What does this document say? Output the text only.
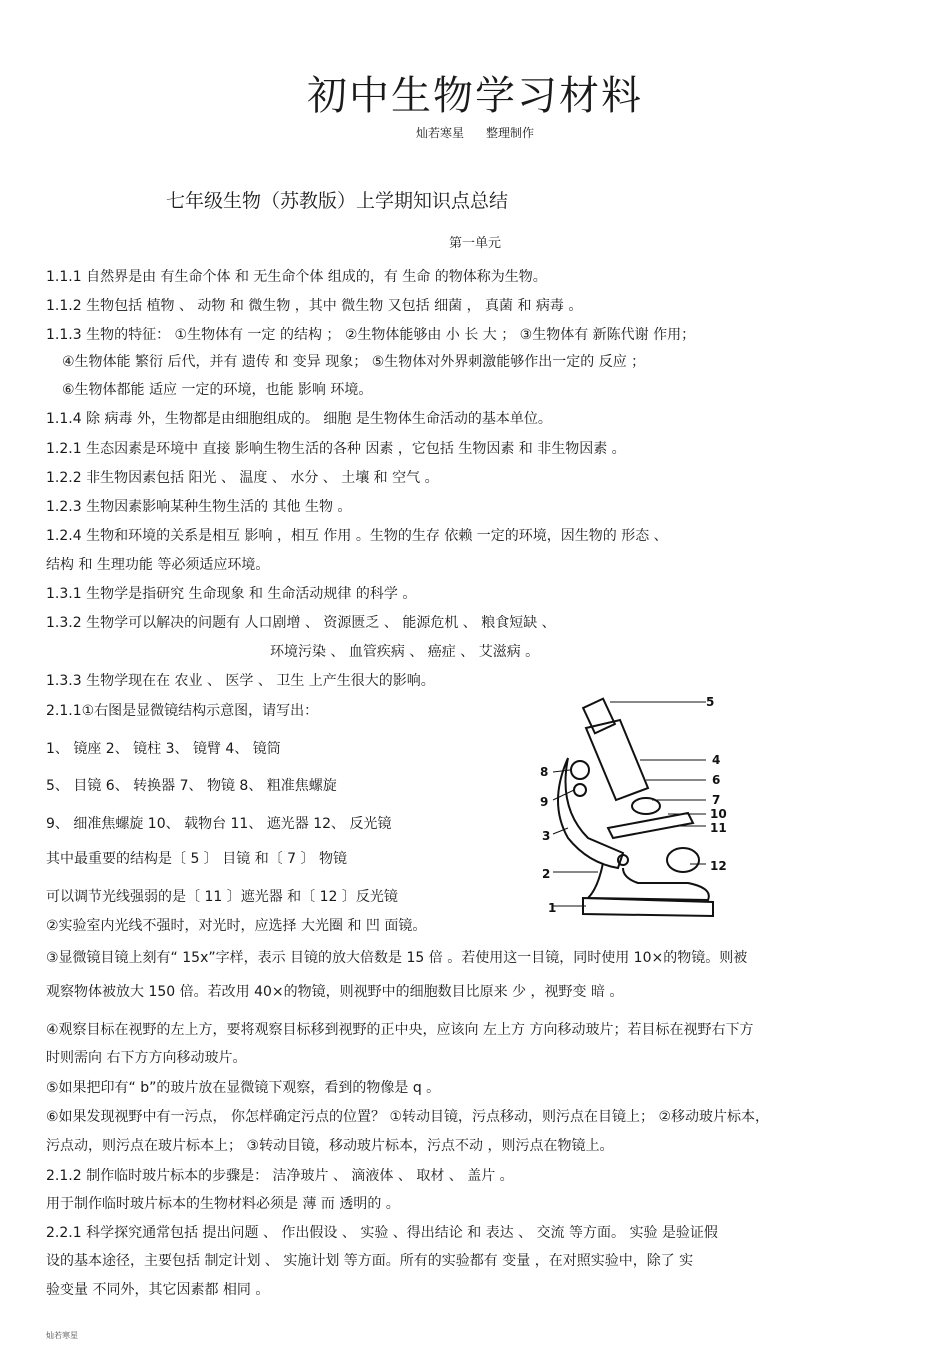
初中生物学习材料
灿若寒星 整理制作
七年级生物（苏教版）上学期知识点总结
第一单元
1.1.1 自然界是由 有生命个体 和 无生命个体 组成的，有 生命 的物体称为生物。
1.1.2 生物包括 植物 、 动物 和 微生物 ，其中 微生物 又包括 细菌 ， 真菌 和 病毒 。
1.1.3 生物的特征： ①生物体有 一定 的结构 ； ②生物体能够由 小 长 大 ； ③生物体有 新陈代谢 作用；
④生物体能 繁衍 后代，并有 遗传 和 变异 现象； ⑤生物体对外界刺激能够作出一定的 反应 ；
⑥生物体都能 适应 一定的环境，也能 影响 环境。
1.1.4 除 病毒 外，生物都是由细胞组成的。 细胞 是生物体生命活动的基本单位。
1.2.1 生态因素是环境中 直接 影响生物生活的各种 因素 ，它包括 生物因素 和 非生物因素 。
1.2.2 非生物因素包括 阳光 、 温度 、 水分 、 土壤 和 空气 。
1.2.3 生物因素影响某种生物生活的 其他 生物 。
1.2.4 生物和环境的关系是相互 影响 ，相互 作用 。生物的生存 依赖 一定的环境，因生物的 形态 、
结构 和 生理功能 等必须适应环境。
1.3.1 生物学是指研究 生命现象 和 生命活动规律 的科学 。
1.3.2 生物学可以解决的问题有 人口剧增 、 资源匮乏 、 能源危机 、 粮食短缺 、
环境污染 、 血管疾病 、 癌症 、 艾滋病 。
1.3.3 生物学现在在 农业 、 医学 、 卫生 上产生很大的影响。
2.1.1①右图是显微镜结构示意图，请写出：
1、 镜座 2、 镜柱 3、 镜臂 4、 镜筒
5、 目镜 6、 转换器 7、 物镜 8、 粗准焦螺旋
9、 细准焦螺旋 10、 载物台 11、 遮光器 12、 反光镜
其中最重要的结构是〔 5 〕 目镜 和〔 7 〕 物镜
可以调节光线强弱的是〔 11 〕遮光器 和〔 12 〕反光镜
②实验室内光线不强时，对光时，应选择 大光圈 和 凹 面镜。
③显微镜目镜上刻有“ 15x”字样，表示 目镜的放大倍数是 15 倍 。若使用这一目镜，同时使用 10×的物镜。则被
观察物体被放大 150 倍。若改用 40×的物镜，则视野中的细胞数目比原来 少 ，视野变 暗 。
④观察目标在视野的左上方，要将观察目标移到视野的正中央，应该向 左上方 方向移动玻片；若目标在视野右下方
时则需向 右下方方向移动玻片。
⑤如果把印有“ b”的玻片放在显微镜下观察，看到的物像是 q 。
⑥如果发现视野中有一污点， 你怎样确定污点的位置？ ①转动目镜，污点移动，则污点在目镜上； ②移动玻片标本，
污点动，则污点在玻片标本上； ③转动目镜，移动玻片标本，污点不动 ，则污点在物镜上。
2.1.2 制作临时玻片标本的步骤是： 洁净玻片 、 滴液体 、 取材 、 盖片 。
用于制作临时玻片标本的生物材料必须是 薄 而 透明的 。
2.2.1 科学探究通常包括 提出问题 、 作出假设 、 实验 、得出结论 和 表达 、 交流 等方面。 实验 是验证假
设的基本途径，主要包括 制定计划 、 实施计划 等方面。所有的实验都有 变量 ，在对照实验中，除了 实
验变量 不同外，其它因素都 相同 。
1
2
3
4
5
6
7
8
9
10
11
12
灿若寒星
